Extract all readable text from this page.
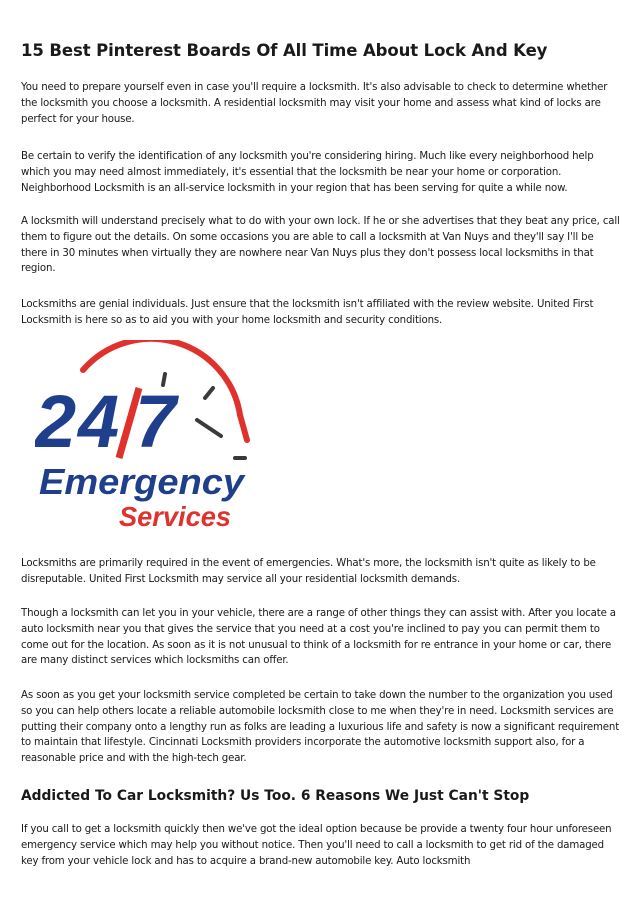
15 Best Pinterest Boards Of All Time About Lock And Key

You need to prepare yourself even in case you'll require a locksmith. It's also advisable to check to determine whether the locksmith you choose a locksmith. A residential locksmith may visit your home and assess what kind of locks are perfect for your house.

Be certain to verify the identification of any locksmith you're considering hiring. Much like every neighborhood help which you may need almost immediately, it's essential that the locksmith be near your home or corporation. Neighborhood Locksmith is an all-service locksmith in your region that has been serving for quite a while now.

A locksmith will understand precisely what to do with your own lock. If he or she advertises that they beat any price, call them to figure out the details. On some occasions you are able to call a locksmith at Van Nuys and they'll say I'll be there in 30 minutes when virtually they are nowhere near Van Nuys plus they don't possess local locksmiths in that region.

Locksmiths are genial individuals. Just ensure that the locksmith isn't affiliated with the review website. United First Locksmith is here so as to aid you with your home locksmith and security conditions.

2 4 7
Emergency
Services

Locksmiths are primarily required in the event of emergencies. What's more, the locksmith isn't quite as likely to be disreputable. United First Locksmith may service all your residential locksmith demands.

Though a locksmith can let you in your vehicle, there are a range of other things they can assist with. After you locate a auto locksmith near you that gives the service that you need at a cost you're inclined to pay you can permit them to come out for the location. As soon as it is not unusual to think of a locksmith for re entrance in your home or car, there are many distinct services which locksmiths can offer.

As soon as you get your locksmith service completed be certain to take down the number to the organization you used so you can help others locate a reliable automobile locksmith close to me when they're in need. Locksmith services are putting their company onto a lengthy run as folks are leading a luxurious life and safety is now a significant requirement to maintain that lifestyle. Cincinnati Locksmith providers incorporate the automotive locksmith support also, for a reasonable price and with the high-tech gear.

Addicted To Car Locksmith? Us Too. 6 Reasons We Just Can't Stop

If you call to get a locksmith quickly then we've got the ideal option because be provide a twenty four hour unforeseen emergency service which may help you without notice. Then you'll need to call a locksmith to get rid of the damaged key from your vehicle lock and has to acquire a brand-new automobile key. Auto locksmith
